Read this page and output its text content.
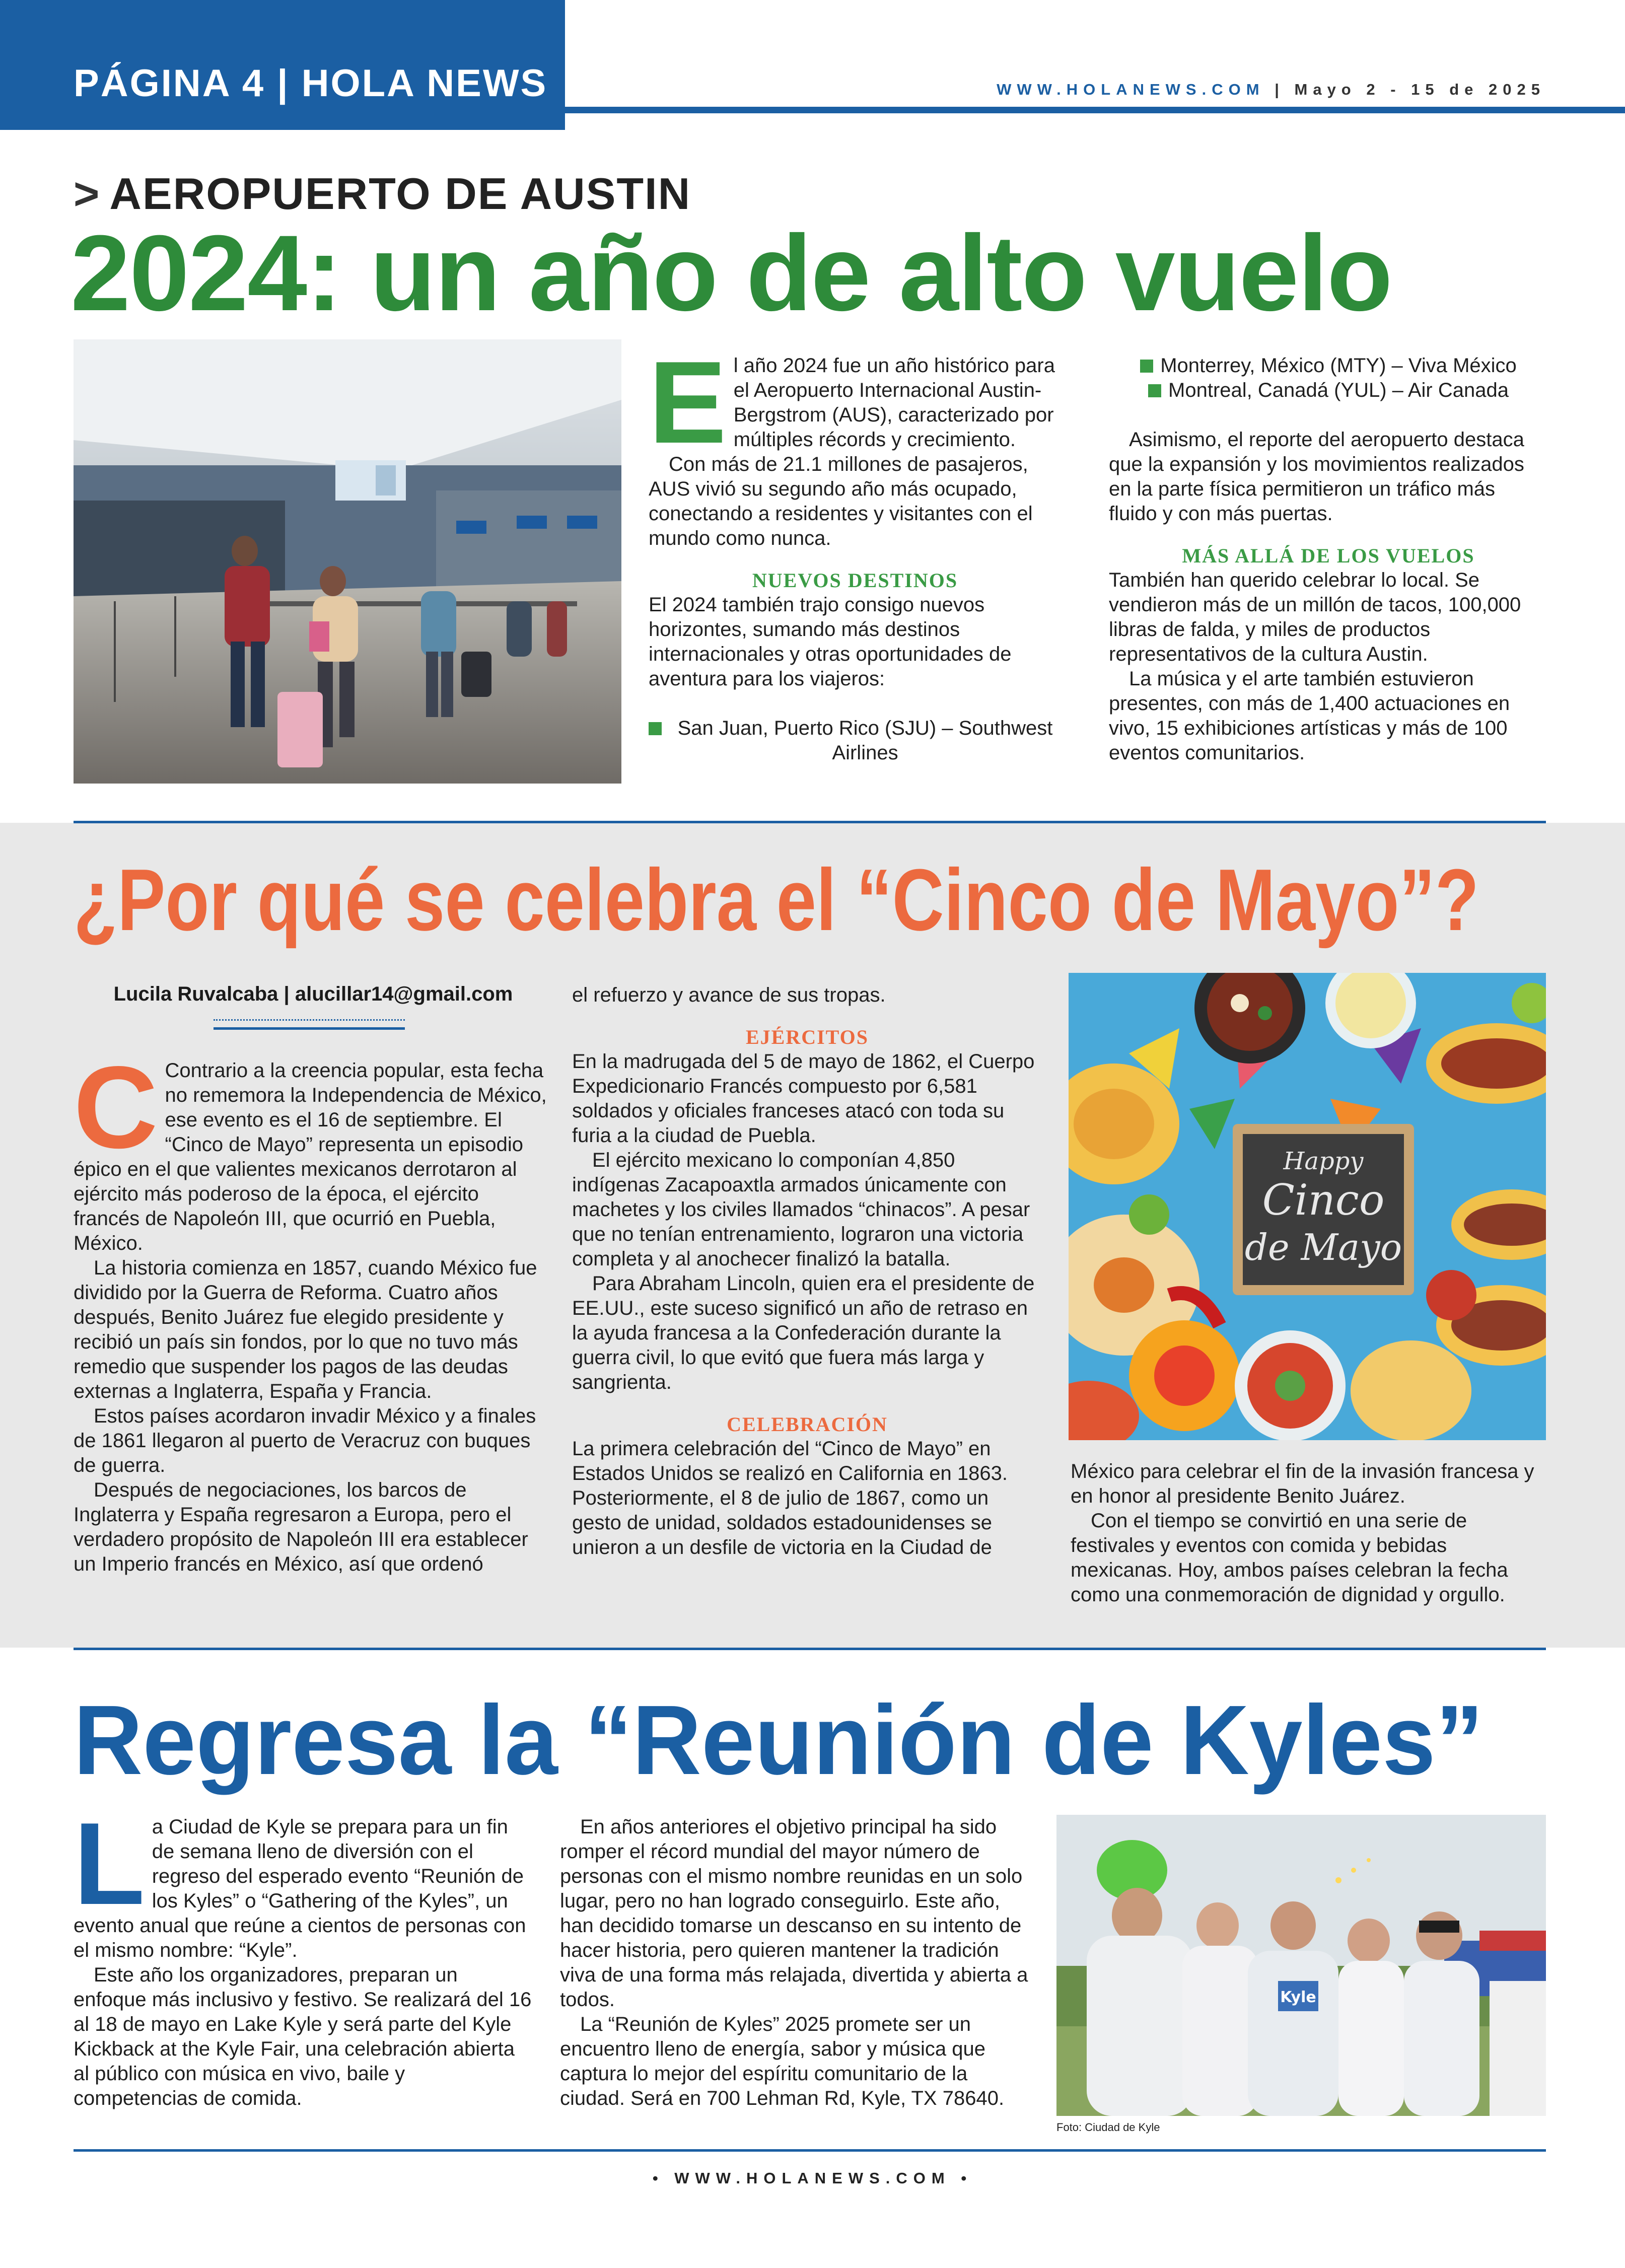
PÁGINA 4 | HOLA NEWS	WWW.HOLANEWS.COM | Mayo 2 - 15 de 2025
> AEROPUERTO DE AUSTIN
2024: un año de alto vuelo
E l año 2024 fue un año histórico para el Aeropuerto Internacional Austin-Bergstrom (AUS), caracterizado por múltiples récords y crecimiento.

Con más de 21.1 millones de pasajeros, AUS vivió su segundo año más ocupado, conectando a residentes y visitantes con el mundo como nunca.

NUEVOS DESTINOS

El 2024 también trajo consigo nuevos horizontes, sumando más destinos internacionales y otras oportunidades de aventura para los viajeros:

San Juan, Puerto Rico (SJU) – Southwest Airlines
Monterrey, México (MTY) – Viva México
Montreal, Canadá (YUL) – Air Canada

Asimismo, el reporte del aeropuerto destaca que la expansión y los movimientos realizados en la parte física permitieron un tráfico más fluido y con más puertas.

MÁS ALLÁ DE LOS VUELOS

También han querido celebrar lo local. Se vendieron más de un millón de tacos, 100,000 libras de falda, y miles de productos representativos de la cultura Austin.

La música y el arte también estuvieron presentes, con más de 1,400 actuaciones en vivo, 15 exhibiciones artísticas y más de 100 eventos comunitarios.

¿Por qué se celebra el “Cinco de Mayo”?
Lucila Ruvalcaba | alucillar14@gmail.com
C Contrario a la creencia popular, esta fecha no rememora la Independencia de México, ese evento es el 16 de septiembre. El “Cinco de Mayo” representa un episodio épico en el que valientes mexicanos derrotaron al ejército más poderoso de la época, el ejército francés de Napoleón III, que ocurrió en Puebla, México.

La historia comienza en 1857, cuando México fue dividido por la Guerra de Reforma. Cuatro años después, Benito Juárez fue elegido presidente y recibió un país sin fondos, por lo que no tuvo más remedio que suspender los pagos de las deudas externas a Inglaterra, España y Francia.

Estos países acordaron invadir México y a finales de 1861 llegaron al puerto de Veracruz con buques de guerra.

Después de negociaciones, los barcos de Inglaterra y España regresaron a Europa, pero el verdadero propósito de Napoleón III era establecer un Imperio francés en México, así que ordenó

el refuerzo y avance de sus tropas.

EJÉRCITOS

En la madrugada del 5 de mayo de 1862, el Cuerpo Expedicionario Francés compuesto por 6,581 soldados y oficiales franceses atacó con toda su furia a la ciudad de Puebla.

El ejército mexicano lo componían 4,850 indígenas Zacapoaxtla armados únicamente con machetes y los civiles llamados “chinacos”. A pesar que no tenían entrenamiento, lograron una victoria completa y al anochecer finalizó la batalla.

Para Abraham Lincoln, quien era el presidente de EE.UU., este suceso significó un año de retraso en la ayuda francesa a la Confederación durante la guerra civil, lo que evitó que fuera más larga y sangrienta.

CELEBRACIÓN

La primera celebración del “Cinco de Mayo” en Estados Unidos se realizó en California en 1863. Posteriormente, el 8 de julio de 1867, como un gesto de unidad, soldados estadounidenses se unieron a un desfile de victoria en la Ciudad de

Happy
Cinco
de Mayo

México para celebrar el fin de la invasión francesa y en honor al presidente Benito Juárez.

Con el tiempo se convirtió en una serie de festivales y eventos con comida y bebidas mexicanas. Hoy, ambos países celebran la fecha como una conmemoración de dignidad y orgullo.

Regresa la “Reunión de Kyles”
L a Ciudad de Kyle se prepara para un fin de semana lleno de diversión con el regreso del esperado evento “Reunión de los Kyles” o “Gathering of the Kyles”, un evento anual que reúne a cientos de personas con el mismo nombre: “Kyle”.

Este año los organizadores, preparan un enfoque más inclusivo y festivo. Se realizará del 16 al 18 de mayo en Lake Kyle y será parte del Kyle Kickback at the Kyle Fair, una celebración abierta al público con música en vivo, baile y competencias de comida.

En años anteriores el objetivo principal ha sido romper el récord mundial del mayor número de personas con el mismo nombre reunidas en un solo lugar, pero no han logrado conseguirlo. Este año, han decidido tomarse un descanso en su intento de hacer historia, pero quieren mantener la tradición viva de una forma más relajada, divertida y abierta a todos.

La “Reunión de Kyles” 2025 promete ser un encuentro lleno de energía, sabor y música que captura lo mejor del espíritu comunitario de la ciudad. Será en 700 Lehman Rd, Kyle, TX 78640.

Kyle
Foto: Ciudad de Kyle
• WWW.HOLANEWS.COM •
